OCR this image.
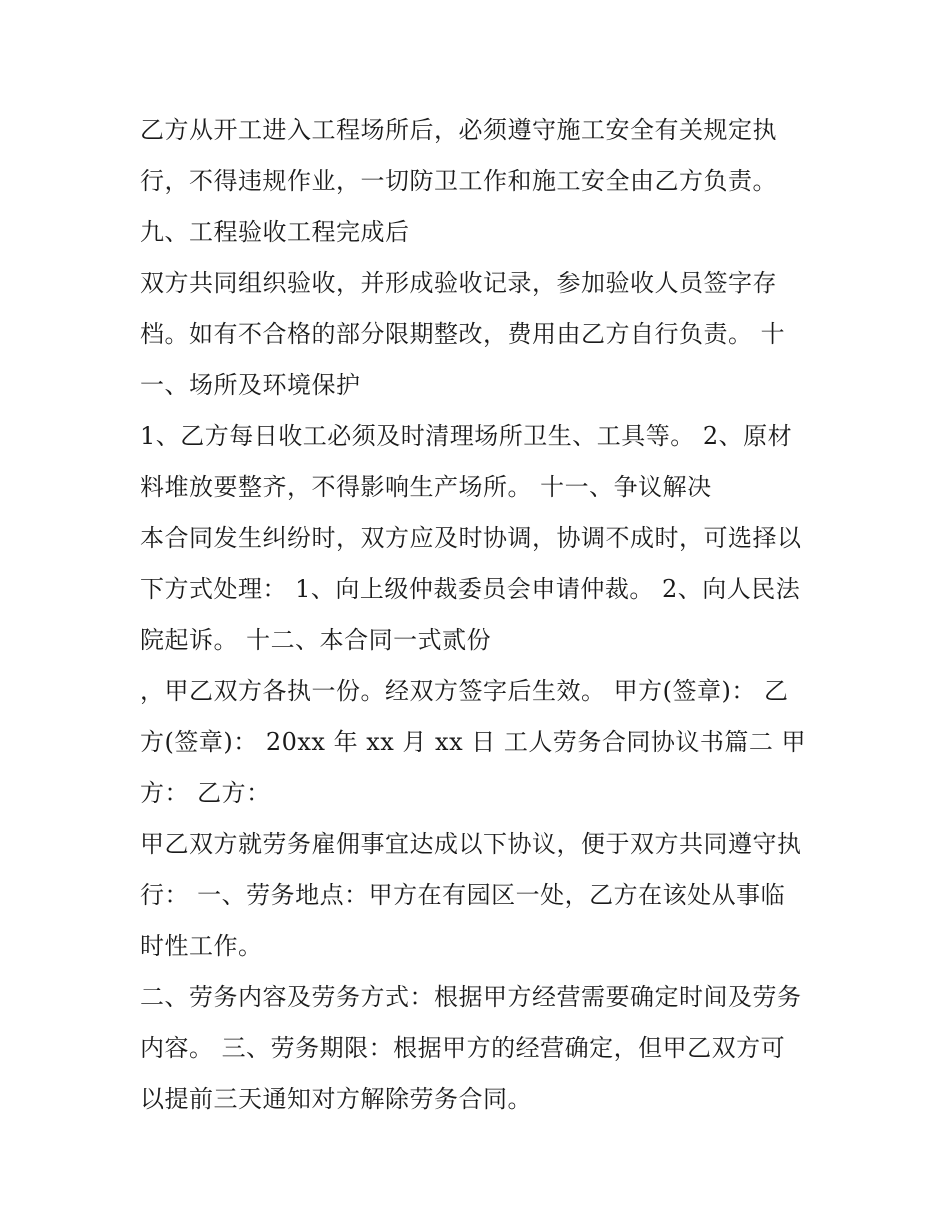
乙方从开工进入工程场所后，必须遵守施工安全有关规定执
行，不得违规作业，一切防卫工作和施工安全由乙方负责。
九、工程验收工程完成后
双方共同组织验收，并形成验收记录，参加验收人员签字存
档。如有不合格的部分限期整改，费用由乙方自行负责。 十
一、场所及环境保护
1、乙方每日收工必须及时清理场所卫生、工具等。 2、原材
料堆放要整齐，不得影响生产场所。 十一、争议解决
本合同发生纠纷时，双方应及时协调，协调不成时，可选择以
下方式处理： 1、向上级仲裁委员会申请仲裁。 2、向人民法
院起诉。 十二、本合同一式贰份
，甲乙双方各执一份。经双方签字后生效。 甲方(签章)： 乙
方(签章)： 20xx 年 xx 月 xx 日 工人劳务合同协议书篇二 甲
方： 乙方：
甲乙双方就劳务雇佣事宜达成以下协议，便于双方共同遵守执
行： 一、劳务地点：甲方在有园区一处，乙方在该处从事临
时性工作。
二、劳务内容及劳务方式：根据甲方经营需要确定时间及劳务
内容。 三、劳务期限：根据甲方的经营确定，但甲乙双方可
以提前三天通知对方解除劳务合同。
